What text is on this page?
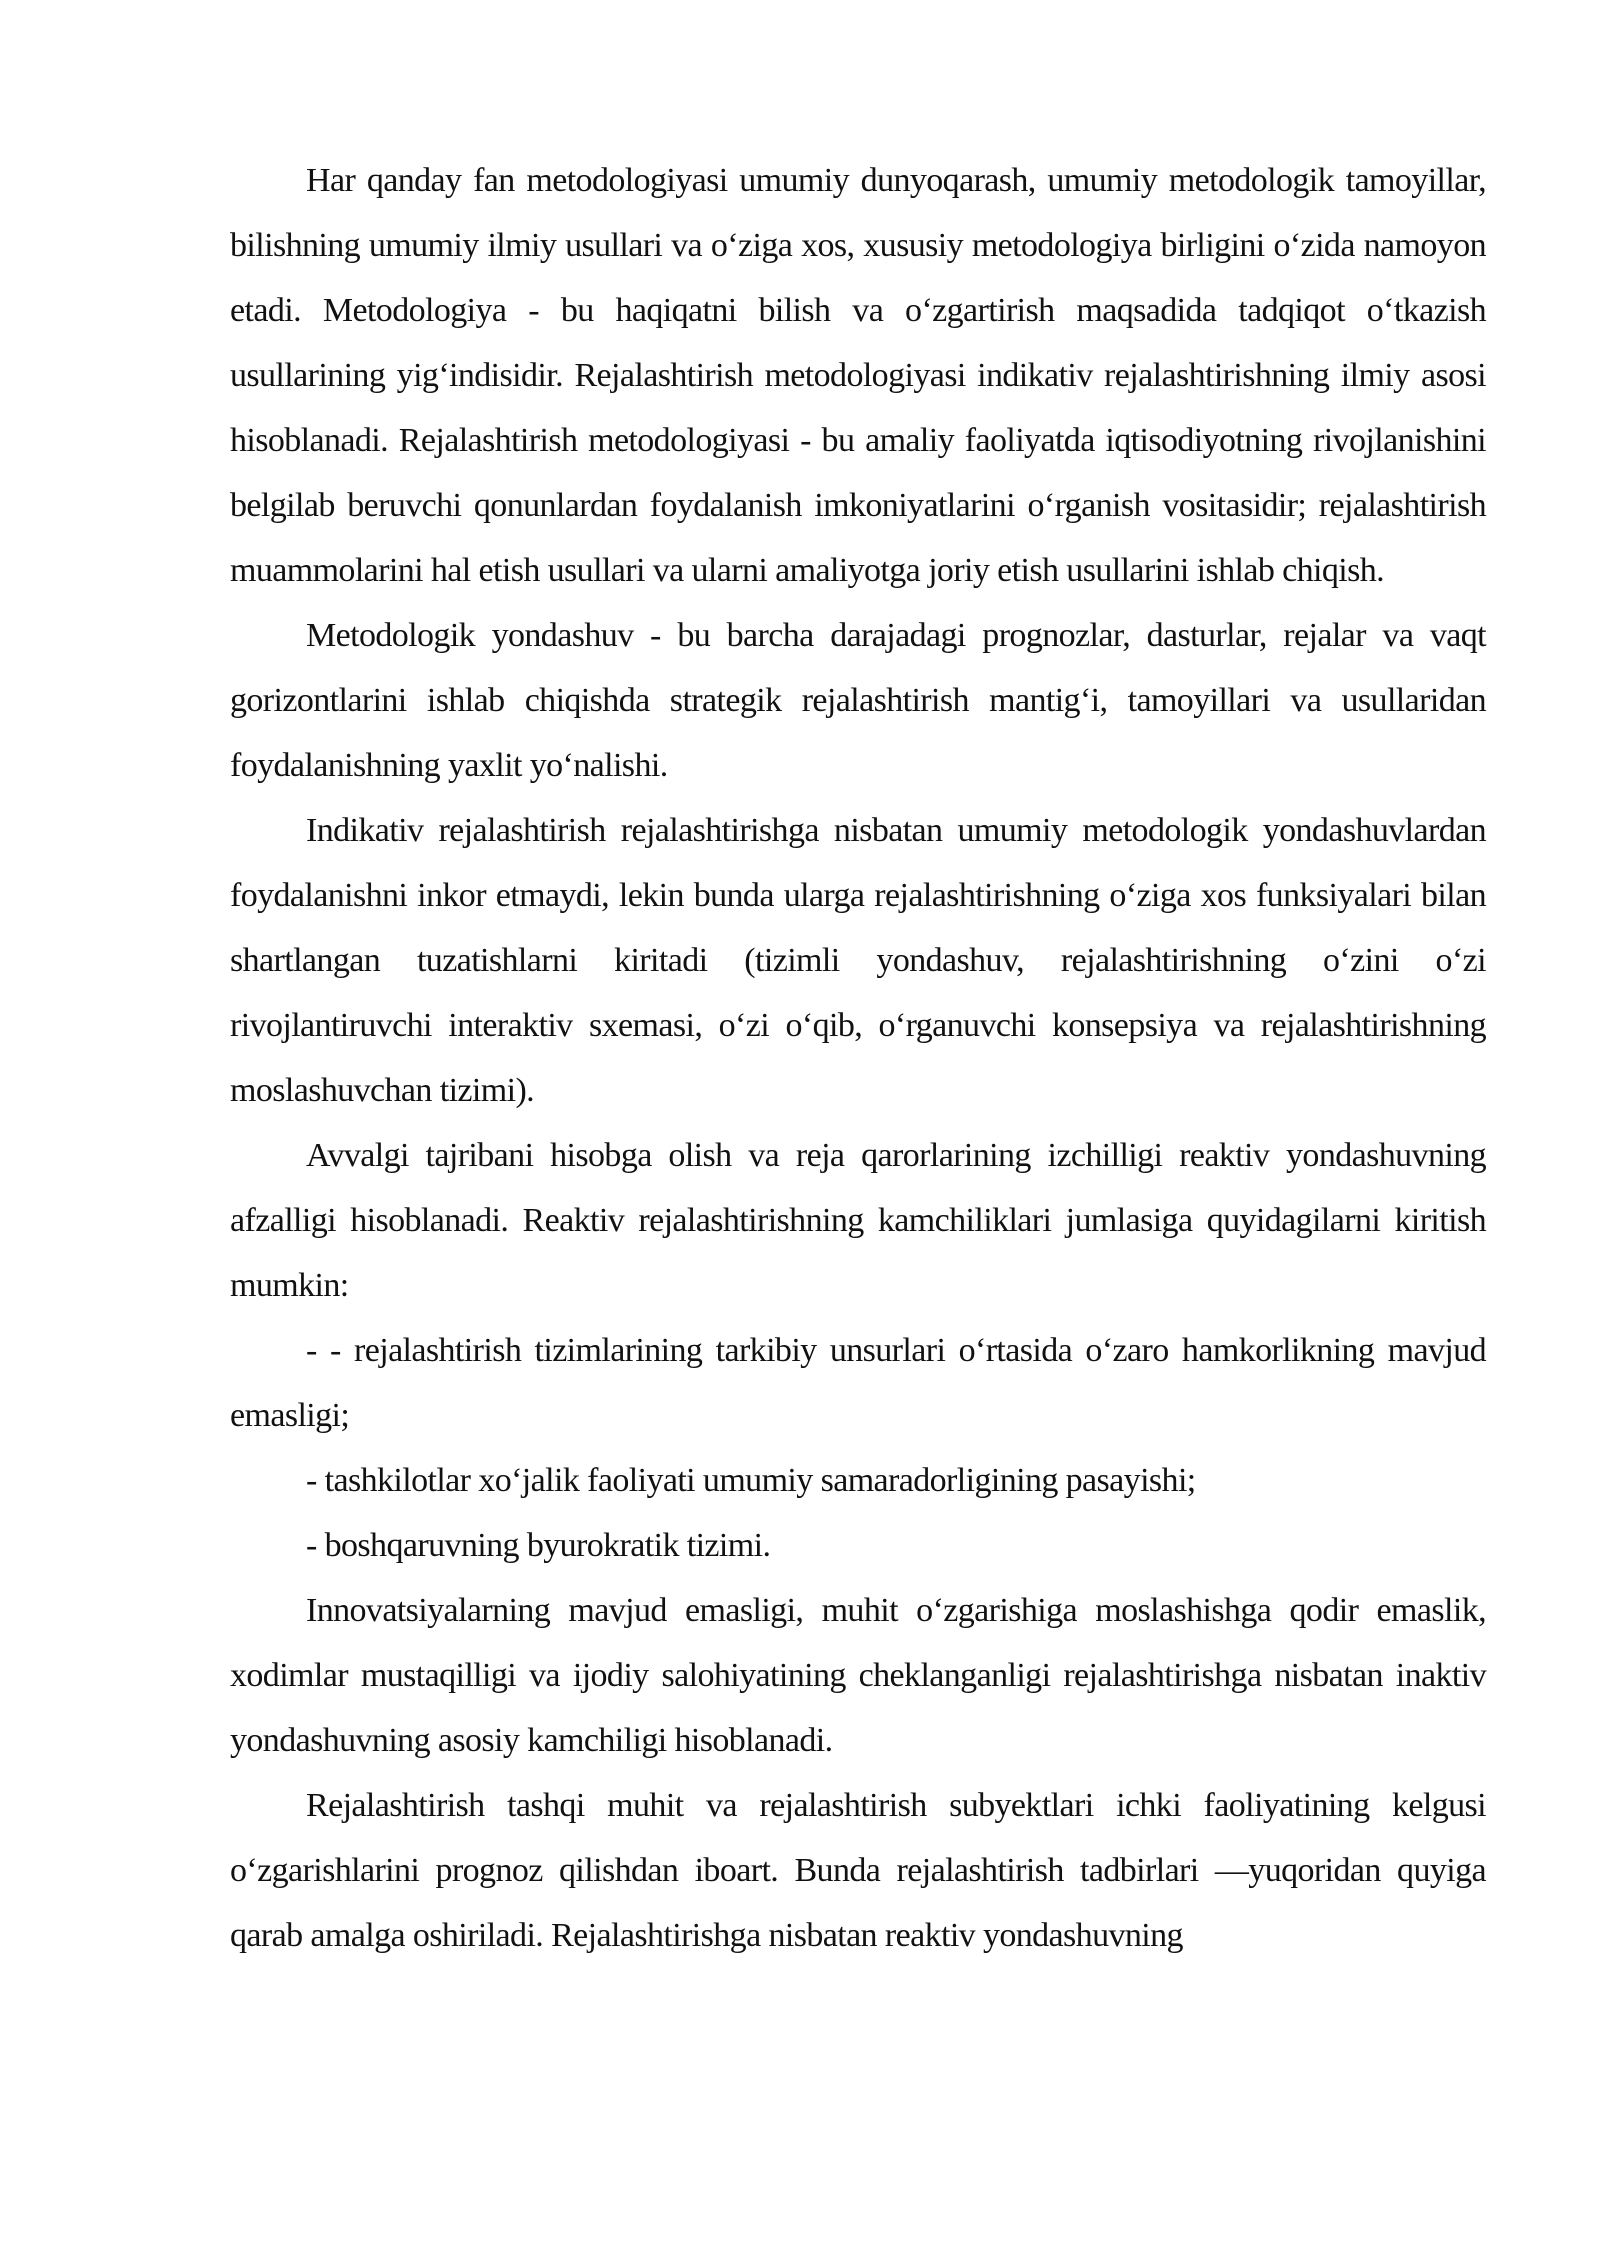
Har qanday fan metodologiyasi umumiy dunyoqarash, umumiy metodologik tamoyillar, bilishning umumiy ilmiy usullari va o‘ziga xos, xususiy metodologiya birligini o‘zida namoyon etadi. Metodologiya - bu haqiqatni bilish va o‘zgartirish maqsadida tadqiqot o‘tkazish usullarining yig‘indisidir. Rejalashtirish metodologiyasi indikativ rejalashtirishning ilmiy asosi hisoblanadi. Rejalashtirish metodologiyasi - bu amaliy faoliyatda iqtisodiyotning rivojlanishini belgilab beruvchi qonunlardan foydalanish imkoniyatlarini o‘rganish vositasidir; rejalashtirish muammolarini hal etish usullari va ularni amaliyotga joriy etish usullarini ishlab chiqish.

Metodologik yondashuv - bu barcha darajadagi prognozlar, dasturlar, rejalar va vaqt gorizontlarini ishlab chiqishda strategik rejalashtirish mantig‘i, tamoyillari va usullaridan foydalanishning yaxlit yo‘nalishi.

Indikativ rejalashtirish rejalashtirishga nisbatan umumiy metodologik yondashuvlardan foydalanishni inkor etmaydi, lekin bunda ularga rejalashtirishning o‘ziga xos funksiyalari bilan shartlangan tuzatishlarni kiritadi (tizimli yondashuv, rejalashtirishning o‘zini o‘zi rivojlantiruvchi interaktiv sxemasi, o‘zi o‘qib, o‘rganuvchi konsepsiya va rejalashtirishning moslashuvchan tizimi).

Avvalgi tajribani hisobga olish va reja qarorlarining izchilligi reaktiv yondashuvning afzalligi hisoblanadi. Reaktiv rejalashtirishning kamchiliklari jumlasiga quyidagilarni kiritish mumkin:

- - rejalashtirish tizimlarining tarkibiy unsurlari o‘rtasida o‘zaro hamkorlikning mavjud emasligi;

- tashkilotlar xo‘jalik faoliyati umumiy samaradorligining pasayishi;

- boshqaruvning byurokratik tizimi.

Innovatsiyalarning mavjud emasligi, muhit o‘zgarishiga moslashishga qodir emaslik, xodimlar mustaqilligi va ijodiy salohiyatining cheklanganligi rejalashtirishga nisbatan inaktiv yondashuvning asosiy kamchiligi hisoblanadi.

Rejalashtirish tashqi muhit va rejalashtirish subyektlari ichki faoliyatining kelgusi o‘zgarishlarini prognoz qilishdan iboart. Bunda rejalashtirish tadbirlari ―yuqoridan quyiga qarab amalga oshiriladi. Rejalashtirishga nisbatan reaktiv yondashuvning
